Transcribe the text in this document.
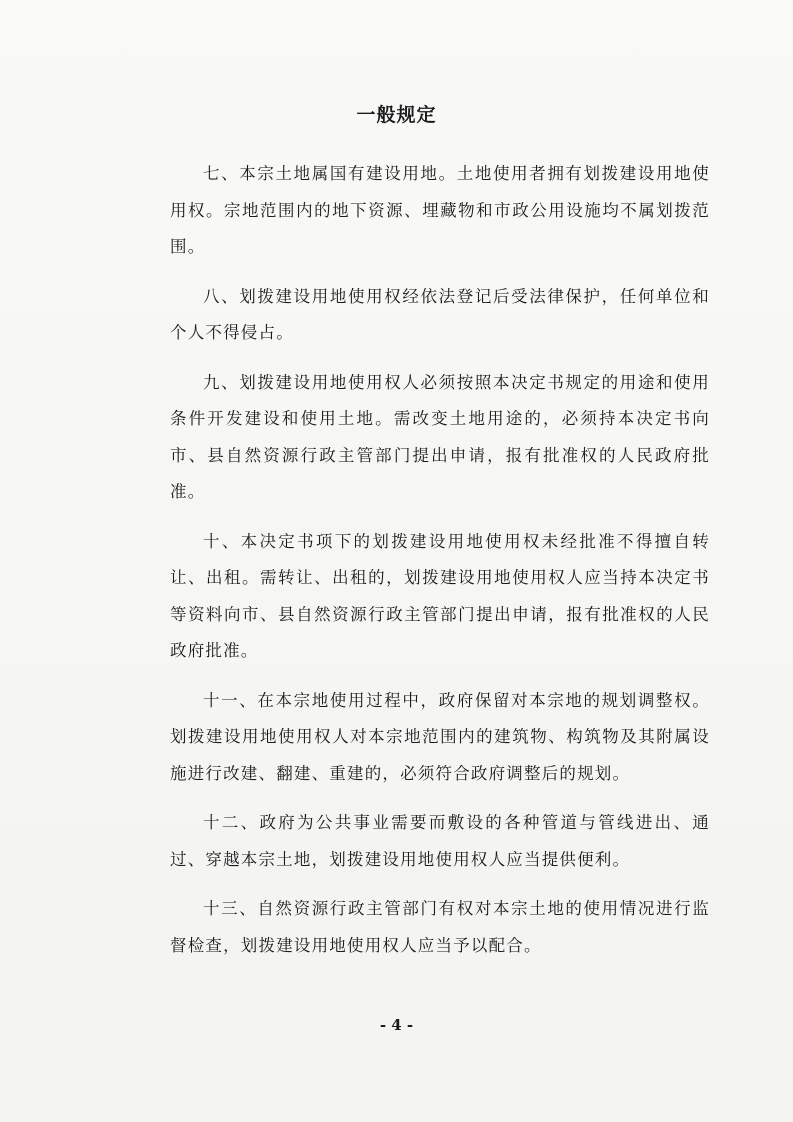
一般规定

七、本宗土地属国有建设用地。土地使用者拥有划拨建设用地使用权。宗地范围内的地下资源、埋藏物和市政公用设施均不属划拨范围。

八、划拨建设用地使用权经依法登记后受法律保护，任何单位和个人不得侵占。

九、划拨建设用地使用权人必须按照本决定书规定的用途和使用条件开发建设和使用土地。需改变土地用途的，必须持本决定书向市、县自然资源行政主管部门提出申请，报有批准权的人民政府批准。

十、本决定书项下的划拨建设用地使用权未经批准不得擅自转让、出租。需转让、出租的，划拨建设用地使用权人应当持本决定书等资料向市、县自然资源行政主管部门提出申请，报有批准权的人民政府批准。

十一、在本宗地使用过程中，政府保留对本宗地的规划调整权。划拨建设用地使用权人对本宗地范围内的建筑物、构筑物及其附属设施进行改建、翻建、重建的，必须符合政府调整后的规划。

十二、政府为公共事业需要而敷设的各种管道与管线进出、通过、穿越本宗土地，划拨建设用地使用权人应当提供便利。

十三、自然资源行政主管部门有权对本宗土地的使用情况进行监督检查，划拨建设用地使用权人应当予以配合。

- 4 -
